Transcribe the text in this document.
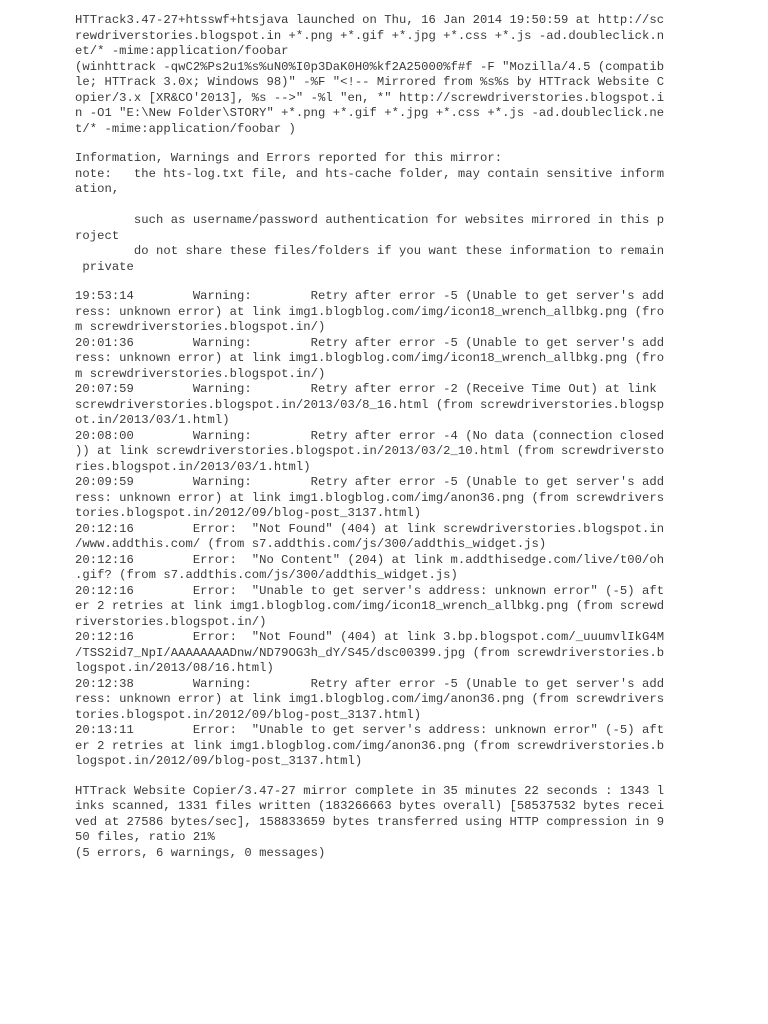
HTTrack3.47-27+htsswf+htsjava launched on Thu, 16 Jan 2014 19:50:59 at http://sc
rewdriverstories.blogspot.in +*.png +*.gif +*.jpg +*.css +*.js -ad.doubleclick.n
et/* -mime:application/foobar
(winhttrack -qwC2%Ps2u1%s%uN0%I0p3DaK0H0%kf2A25000%f#f -F "Mozilla/4.5 (compatib
le; HTTrack 3.0x; Windows 98)" -%F "<!-- Mirrored from %s%s by HTTrack Website C
opier/3.x [XR&CO'2013], %s -->" -%l "en, *" http://screwdriverstories.blogspot.i
n -O1 "E:\New Folder\STORY" +*.png +*.gif +*.jpg +*.css +*.js -ad.doubleclick.ne
t/* -mime:application/foobar )
Information, Warnings and Errors reported for this mirror:
note:   the hts-log.txt file, and hts-cache folder, may contain sensitive inform
ation,
such as username/password authentication for websites mirrored in this p
roject
do not share these files/folders if you want these information to remain
private
19:53:14        Warning:        Retry after error -5 (Unable to get server's add
ress: unknown error) at link img1.blogblog.com/img/icon18_wrench_allbkg.png (fro
m screwdriverstories.blogspot.in/)
20:01:36        Warning:        Retry after error -5 (Unable to get server's add
ress: unknown error) at link img1.blogblog.com/img/icon18_wrench_allbkg.png (fro
m screwdriverstories.blogspot.in/)
20:07:59        Warning:        Retry after error -2 (Receive Time Out) at link
screwdriverstories.blogspot.in/2013/03/8_16.html (from screwdriverstories.blogsp
ot.in/2013/03/1.html)
20:08:00        Warning:        Retry after error -4 (No data (connection closed
)) at link screwdriverstories.blogspot.in/2013/03/2_10.html (from screwdriversto
ries.blogspot.in/2013/03/1.html)
20:09:59        Warning:        Retry after error -5 (Unable to get server's add
ress: unknown error) at link img1.blogblog.com/img/anon36.png (from screwdrivers
tories.blogspot.in/2012/09/blog-post_3137.html)
20:12:16        Error:  "Not Found" (404) at link screwdriverstories.blogspot.in
/www.addthis.com/ (from s7.addthis.com/js/300/addthis_widget.js)
20:12:16        Error:  "No Content" (204) at link m.addthisedge.com/live/t00/oh
.gif? (from s7.addthis.com/js/300/addthis_widget.js)
20:12:16        Error:  "Unable to get server's address: unknown error" (-5) aft
er 2 retries at link img1.blogblog.com/img/icon18_wrench_allbkg.png (from screwd
riverstories.blogspot.in/)
20:12:16        Error:  "Not Found" (404) at link 3.bp.blogspot.com/_uuumvlIkG4M
/TSS2id7_NpI/AAAAAAAADnw/ND79OG3h_dY/S45/dsc00399.jpg (from screwdriverstories.b
logspot.in/2013/08/16.html)
20:12:38        Warning:        Retry after error -5 (Unable to get server's add
ress: unknown error) at link img1.blogblog.com/img/anon36.png (from screwdrivers
tories.blogspot.in/2012/09/blog-post_3137.html)
20:13:11        Error:  "Unable to get server's address: unknown error" (-5) aft
er 2 retries at link img1.blogblog.com/img/anon36.png (from screwdriverstories.b
logspot.in/2012/09/blog-post_3137.html)
HTTrack Website Copier/3.47-27 mirror complete in 35 minutes 22 seconds : 1343 l
inks scanned, 1331 files written (183266663 bytes overall) [58537532 bytes recei
ved at 27586 bytes/sec], 158833659 bytes transferred using HTTP compression in 9
50 files, ratio 21%
(5 errors, 6 warnings, 0 messages)
